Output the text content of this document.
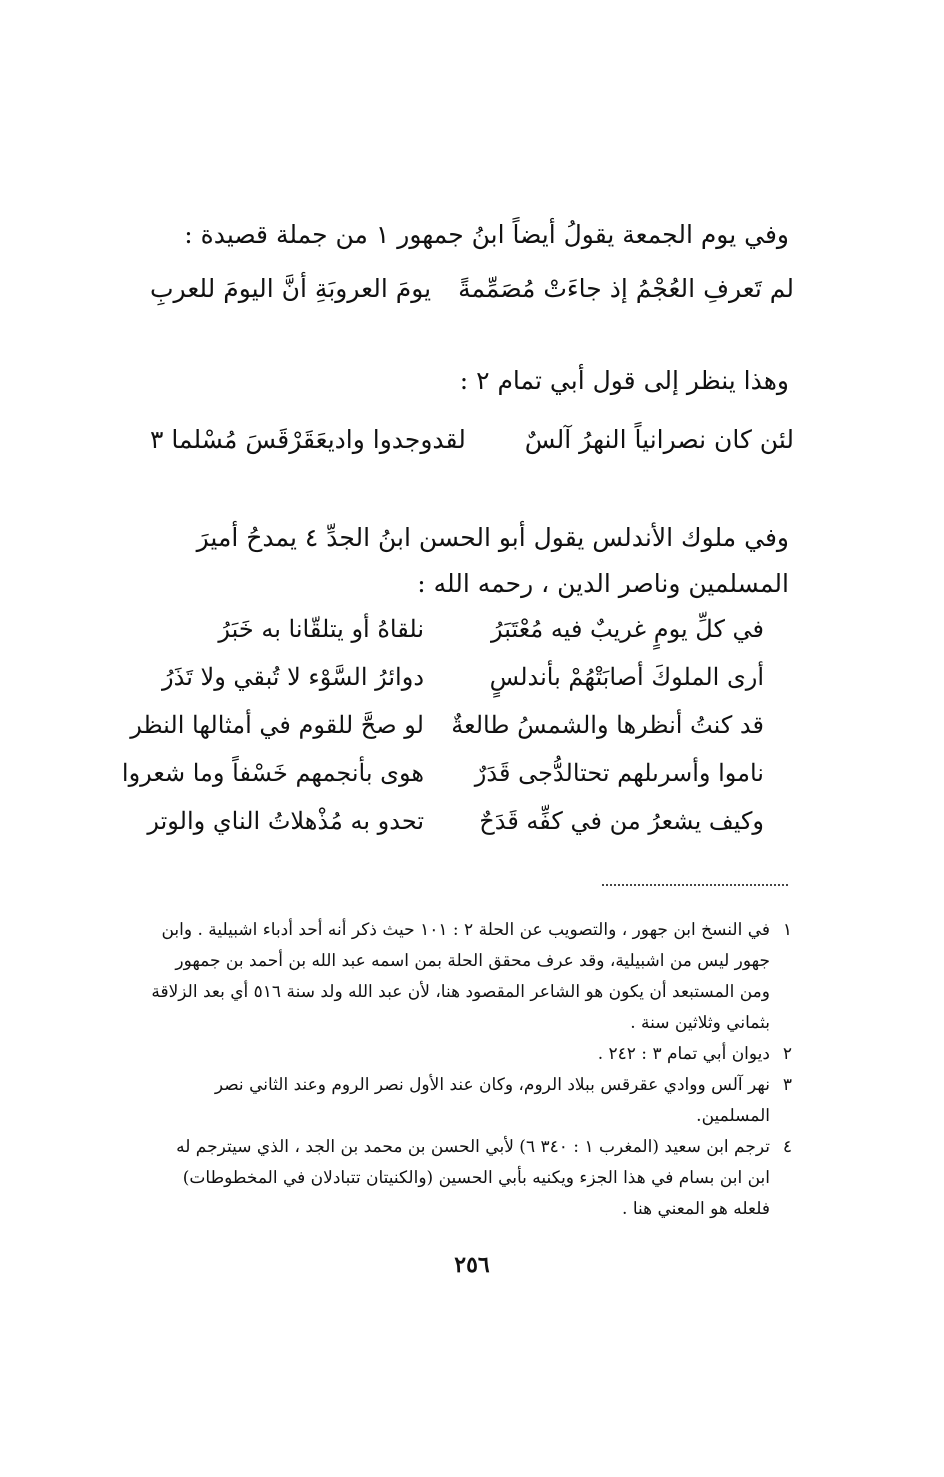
وفي يوم الجمعة يقولُ أيضاً ابنُ جمهور ١ من جملة قصيدة :
لم تَعرفِ العُجْمُ إذ جاءَتْ مُصَمِّمةً
يومَ العروبَةِ أنَّ اليومَ للعربِ
وهذا ينظر إلى قول أبي تمام ٢ :
لئن كان نصرانياً النهرُ آلسٌ
لقدوجدوا واديعَقَرْقَسَ مُسْلما ٣
وفي ملوك الأندلس يقول أبو الحسن ابنُ الجدِّ ٤ يمدحُ أميرَ المسلمين وناصر الدين ، رحمه الله :
في كلِّ يومٍ غريبٌ فيه مُعْتَبَرُ
نلقاهُ أو يتلقّانا به خَبَرُ
أرى الملوكَ أصابَتْهُمْ بأندلسٍ
دوائرُ السَّوْء لا تُبقي ولا تَذَرُ
قد كنتُ أنظرها والشمسُ طالعةٌ
لو صحَّ للقوم في أمثالها النظر
ناموا وأسرىلهم تحتالدُّجى قَدَرٌ
هوى بأنجمهم خَسْفاً وما شعروا
وكيف يشعرُ من في كفِّه قَدَحٌ
تحدو به مُذْهلاتُ الناي والوتر
١
في النسخ ابن جهور ، والتصويب عن الحلة ٢ : ١٠١ حيث ذكر أنه أحد أدباء اشبيلية . وابن جهور ليس من اشبيلية، وقد عرف محقق الحلة بمن اسمه عبد الله بن أحمد بن جمهور ومن المستبعد أن يكون هو الشاعر المقصود هنا، لأن عبد الله ولد سنة ٥١٦ أي بعد الزلاقة بثماني وثلاثين سنة .
٢
ديوان أبي تمام ٣ : ٢٤٢ .
٣
نهر آلس ووادي عقرقس ببلاد الروم، وكان عند الأول نصر الروم وعند الثاني نصر المسلمين.
٤
ترجم ابن سعيد (المغرب ١ : ٣٤٠ ٦) لأبي الحسن بن محمد بن الجد ، الذي سيترجم له ابن ابن بسام في هذا الجزء ويكنيه بأبي الحسين (والكنيتان تتبادلان في المخطوطات) فلعله هو المعني هنا .
٢٥٦
